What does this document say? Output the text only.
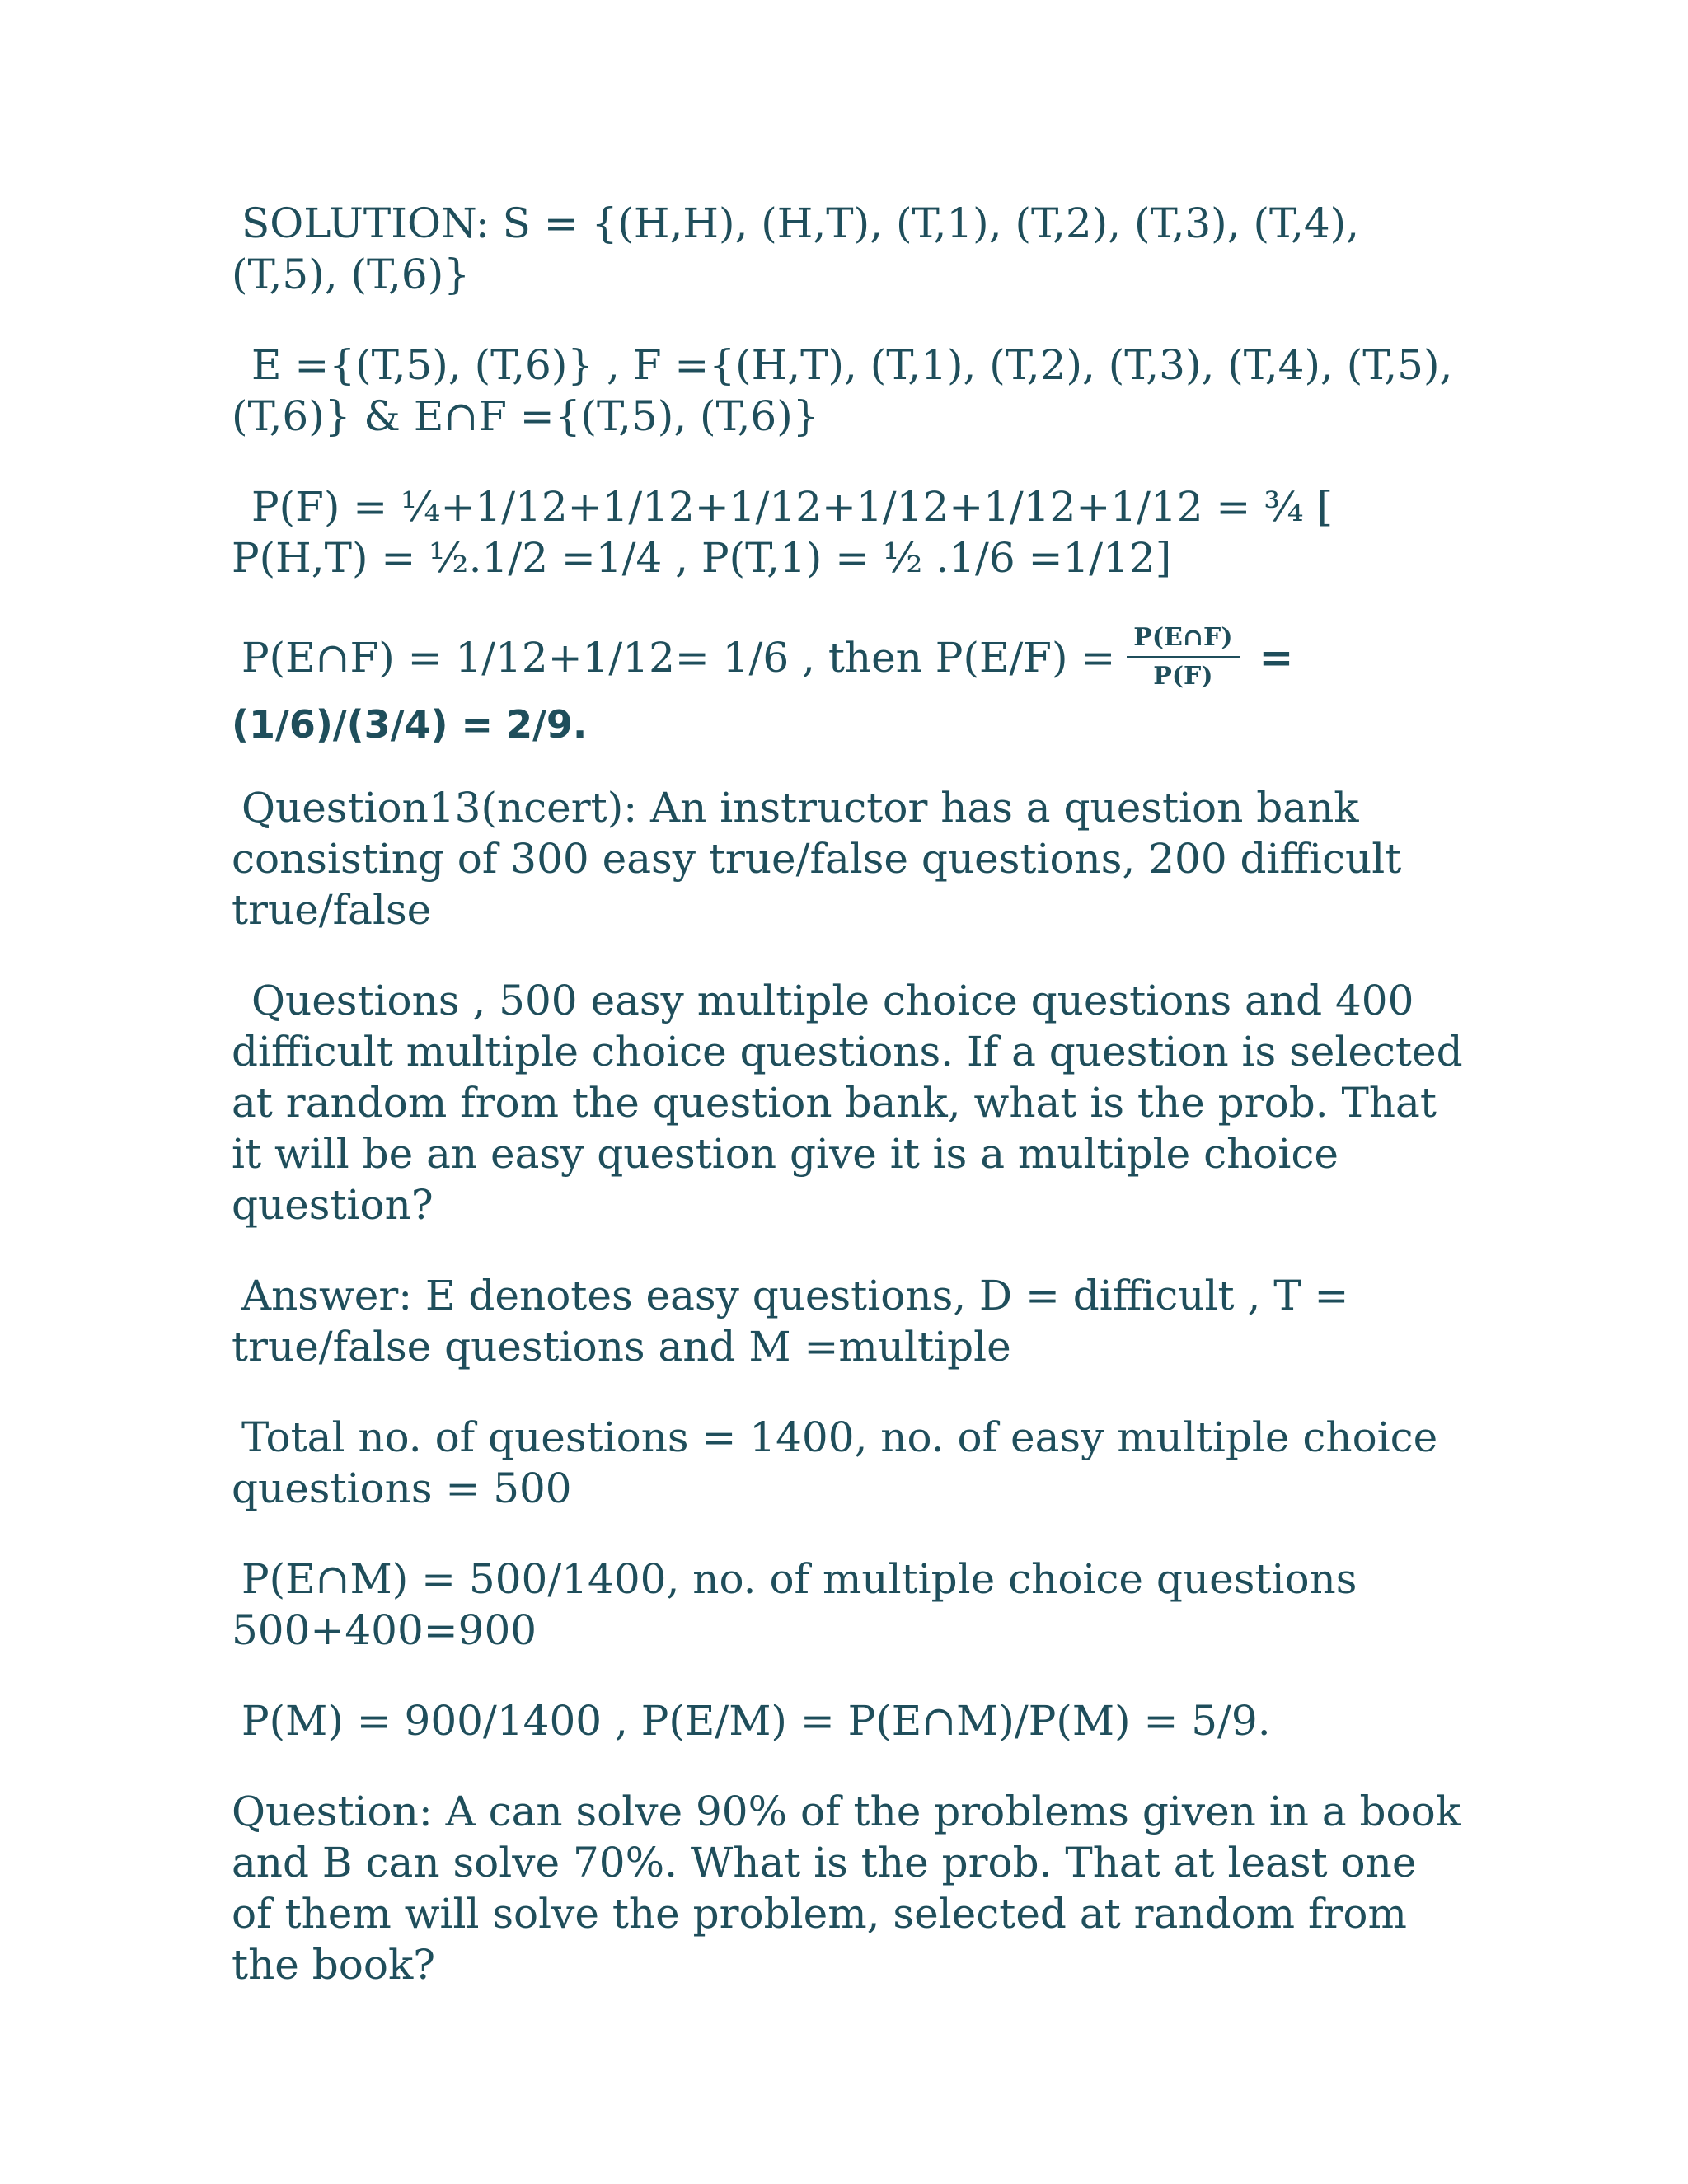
SOLUTION: S = {(H,H), (H,T), (T,1), (T,2), (T,3), (T,4), (T,5), (T,6)}

E ={(T,5), (T,6)} , F ={(H,T), (T,1), (T,2), (T,3), (T,4), (T,5), (T,6)} & E∩F ={(T,5), (T,6)}

P(F) = ¼+1/12+1/12+1/12+1/12+1/12+1/12 = ¾ [ P(H,T) = ½.1/2 =1/4 , P(T,1) = ½ .1/6 =1/12]

P(E∩F) = 1/12+1/12= 1/6 , then $P(E/F) = \frac{P(E\cap F)}{P(F)}$ =

(1/6)/(3/4) = 2/9.

Question13(ncert): An instructor has a question bank consisting of 300 easy true/false questions, 200 difficult true/false

Questions , 500 easy multiple choice questions and 400 difficult multiple choice questions. If a question is selected at random from the question bank, what is the prob. That it will be an easy question give it is a multiple choice question?

Answer: E denotes easy questions, D = difficult , T = true/false questions and M =multiple

Total no. of questions = 1400, no. of easy multiple choice questions = 500

P(E∩M) = 500/1400, no. of multiple choice questions 500+400=900

P(M) = 900/1400 , P(E/M) = P(E∩M)/P(M) = 5/9.

Question: A can solve 90% of the problems given in a book and B can solve 70%. What is the prob. That at least one of them will solve the problem, selected at random from the book?
